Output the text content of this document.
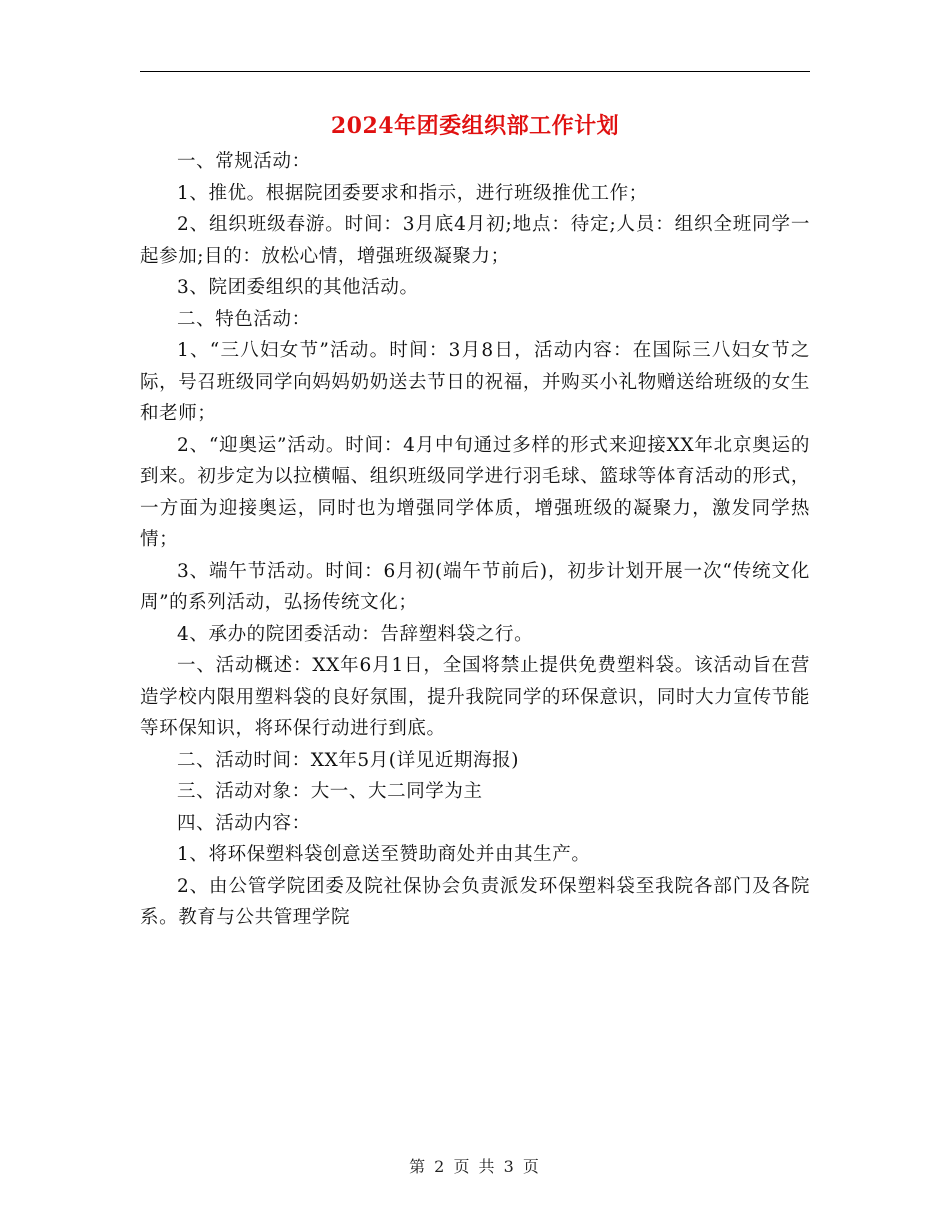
2024年团委组织部工作计划

一、常规活动：

1、推优。根据院团委要求和指示，进行班级推优工作；

2、组织班级春游。时间：3月底4月初;地点：待定;人员：组织全班同学一起参加;目的：放松心情，增强班级凝聚力；

3、院团委组织的其他活动。

二、特色活动：

1、“三八妇女节”活动。时间：3月8日，活动内容：在国际三八妇女节之际，号召班级同学向妈妈奶奶送去节日的祝福，并购买小礼物赠送给班级的女生和老师；

2、“迎奥运”活动。时间：4月中旬通过多样的形式来迎接XX年北京奥运的到来。初步定为以拉横幅、组织班级同学进行羽毛球、篮球等体育活动的形式，一方面为迎接奥运，同时也为增强同学体质，增强班级的凝聚力，激发同学热情；

3、端午节活动。时间：6月初(端午节前后)，初步计划开展一次“传统文化周”的系列活动，弘扬传统文化；

4、承办的院团委活动：告辞塑料袋之行。

一、活动概述：XX年6月1日，全国将禁止提供免费塑料袋。该活动旨在营造学校内限用塑料袋的良好氛围，提升我院同学的环保意识，同时大力宣传节能等环保知识，将环保行动进行到底。

二、活动时间：XX年5月(详见近期海报)

三、活动对象：大一、大二同学为主

四、活动内容：

1、将环保塑料袋创意送至赞助商处并由其生产。

2、由公管学院团委及院社保协会负责派发环保塑料袋至我院各部门及各院系。教育与公共管理学院

第 2 页 共 3 页
